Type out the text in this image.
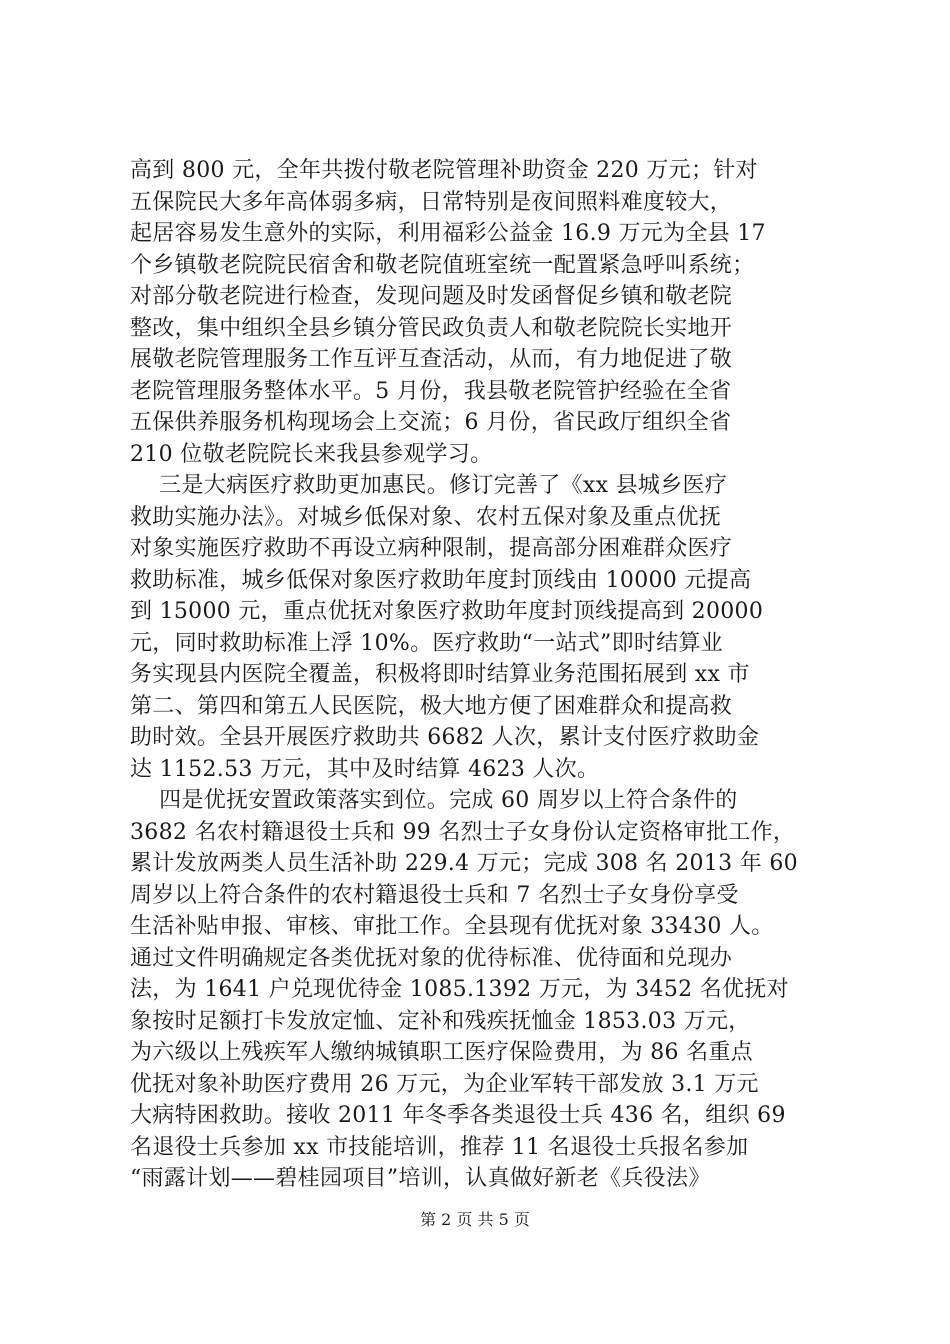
高到 800 元，全年共拨付敬老院管理补助资金 220 万元；针对
五保院民大多年高体弱多病，日常特别是夜间照料难度较大，
起居容易发生意外的实际，利用福彩公益金 16.9 万元为全县 17
个乡镇敬老院院民宿舍和敬老院值班室统一配置紧急呼叫系统；
对部分敬老院进行检查，发现问题及时发函督促乡镇和敬老院
整改，集中组织全县乡镇分管民政负责人和敬老院院长实地开
展敬老院管理服务工作互评互查活动，从而，有力地促进了敬
老院管理服务整体水平。5 月份，我县敬老院管护经验在全省
五保供养服务机构现场会上交流；6 月份，省民政厅组织全省
210 位敬老院院长来我县参观学习。
三是大病医疗救助更加惠民。修订完善了《xx 县城乡医疗
救助实施办法》。对城乡低保对象、农村五保对象及重点优抚
对象实施医疗救助不再设立病种限制，提高部分困难群众医疗
救助标准，城乡低保对象医疗救助年度封顶线由 10000 元提高
到 15000 元，重点优抚对象医疗救助年度封顶线提高到 20000
元，同时救助标准上浮 10%。医疗救助“一站式”即时结算业
务实现县内医院全覆盖，积极将即时结算业务范围拓展到 xx 市
第二、第四和第五人民医院，极大地方便了困难群众和提高救
助时效。全县开展医疗救助共 6682 人次，累计支付医疗救助金
达 1152.53 万元，其中及时结算 4623 人次。
四是优抚安置政策落实到位。完成 60 周岁以上符合条件的
3682 名农村籍退役士兵和 99 名烈士子女身份认定资格审批工作，
累计发放两类人员生活补助 229.4 万元；完成 308 名 2013 年 60
周岁以上符合条件的农村籍退役士兵和 7 名烈士子女身份享受
生活补贴申报、审核、审批工作。全县现有优抚对象 33430 人。
通过文件明确规定各类优抚对象的优待标准、优待面和兑现办
法，为 1641 户兑现优待金 1085.1392 万元，为 3452 名优抚对
象按时足额打卡发放定恤、定补和残疾抚恤金 1853.03 万元，
为六级以上残疾军人缴纳城镇职工医疗保险费用，为 86 名重点
优抚对象补助医疗费用 26 万元，为企业军转干部发放 3.1 万元
大病特困救助。接收 2011 年冬季各类退役士兵 436 名，组织 69
名退役士兵参加 xx 市技能培训，推荐 11 名退役士兵报名参加
“雨露计划——碧桂园项目”培训，认真做好新老《兵役法》
第 2 页 共 5 页
